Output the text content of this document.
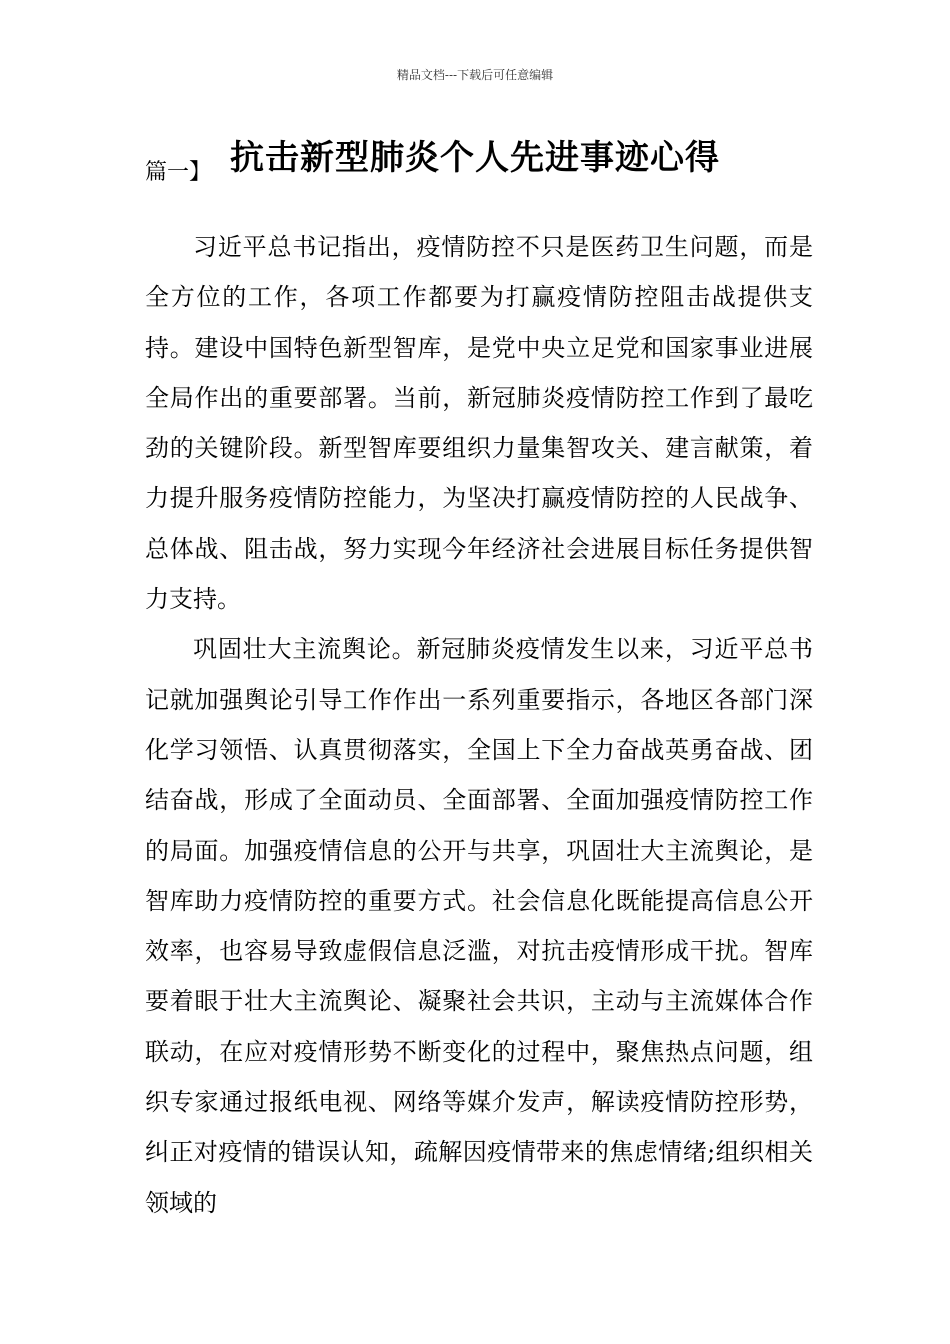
精品文档---下载后可任意编辑
抗击新型肺炎个人先进事迹心得
篇一】

习近平总书记指出，疫情防控不只是医药卫生问题，而是全方位的工作，各项工作都要为打赢疫情防控阻击战提供支持。建设中国特色新型智库，是党中央立足党和国家事业进展全局作出的重要部署。当前，新冠肺炎疫情防控工作到了最吃劲的关键阶段。新型智库要组织力量集智攻关、建言献策，着力提升服务疫情防控能力，为坚决打赢疫情防控的人民战争、总体战、阻击战，努力实现今年经济社会进展目标任务提供智力支持。

巩固壮大主流舆论。新冠肺炎疫情发生以来，习近平总书记就加强舆论引导工作作出一系列重要指示，各地区各部门深化学习领悟、认真贯彻落实，全国上下全力奋战英勇奋战、团结奋战，形成了全面动员、全面部署、全面加强疫情防控工作的局面。加强疫情信息的公开与共享，巩固壮大主流舆论，是智库助力疫情防控的重要方式。社会信息化既能提高信息公开效率，也容易导致虚假信息泛滥，对抗击疫情形成干扰。智库要着眼于壮大主流舆论、凝聚社会共识，主动与主流媒体合作联动，在应对疫情形势不断变化的过程中，聚焦热点问题，组织专家通过报纸电视、网络等媒介发声，解读疫情防控形势，纠正对疫情的错误认知，疏解因疫情带来的焦虑情绪;组织相关领域的
